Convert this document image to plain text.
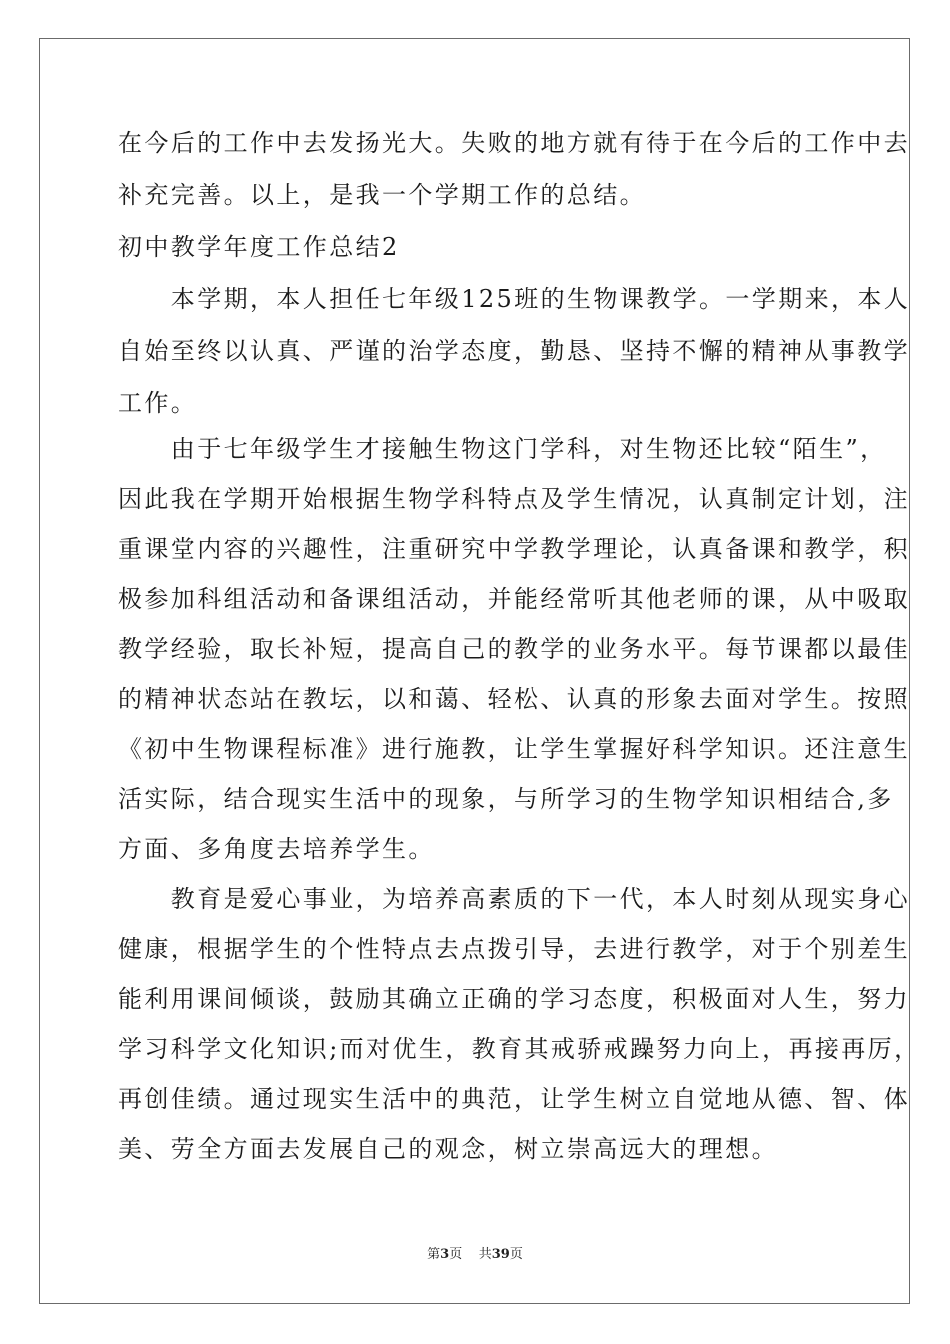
在今后的工作中去发扬光大。失败的地方就有待于在今后的工作中去
补充完善。以上，是我一个学期工作的总结。
初中教学年度工作总结2
　　本学期，本人担任七年级125班的生物课教学。一学期来，本人
自始至终以认真、严谨的治学态度，勤恳、坚持不懈的精神从事教学
工作。
　　由于七年级学生才接触生物这门学科，对生物还比较“陌生”，
因此我在学期开始根据生物学科特点及学生情况，认真制定计划，注
重课堂内容的兴趣性，注重研究中学教学理论，认真备课和教学，积
极参加科组活动和备课组活动，并能经常听其他老师的课，从中吸取
教学经验，取长补短，提高自己的教学的业务水平。每节课都以最佳
的精神状态站在教坛，以和蔼、轻松、认真的形象去面对学生。按照
《初中生物课程标准》进行施教，让学生掌握好科学知识。还注意生
活实际，结合现实生活中的现象，与所学习的生物学知识相结合,多
方面、多角度去培养学生。
　　教育是爱心事业，为培养高素质的下一代，本人时刻从现实身心
健康，根据学生的个性特点去点拨引导，去进行教学，对于个别差生
能利用课间倾谈，鼓励其确立正确的学习态度，积极面对人生，努力
学习科学文化知识;而对优生，教育其戒骄戒躁努力向上，再接再厉，
再创佳绩。通过现实生活中的典范，让学生树立自觉地从德、智、体
美、劳全方面去发展自己的观念，树立崇高远大的理想。
第3页 共39页
